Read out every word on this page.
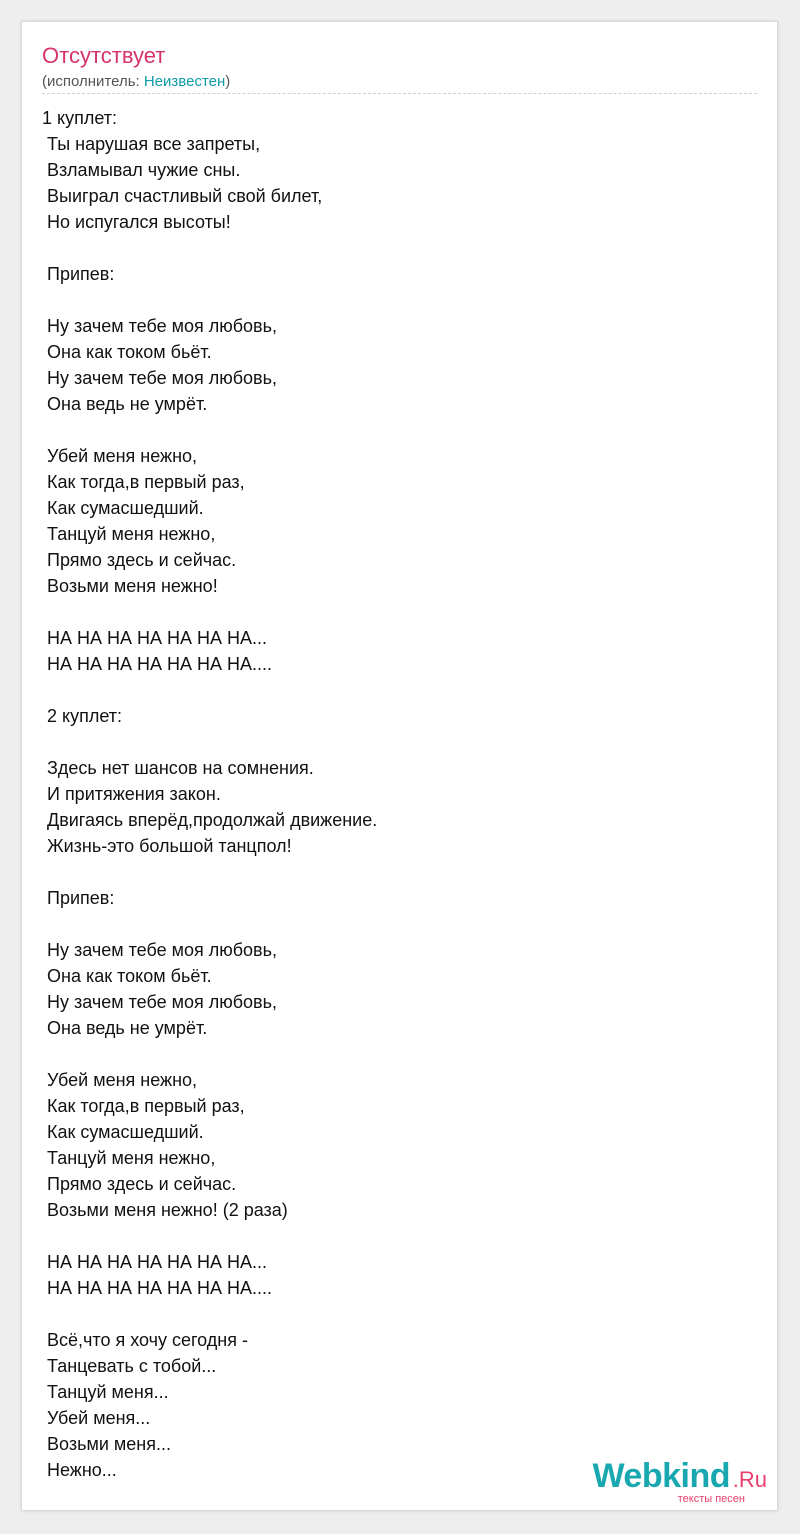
Отсутствует
(исполнитель: Неизвестен)
1 куплет:
Ты нарушая все запреты,
Взламывал чужие сны.
Выиграл счастливый свой билет,
Но испугался высоты!
Припев:
Ну зачем тебе моя любовь,
Она как током бьёт.
Ну зачем тебе моя любовь,
Она ведь не умрёт.
Убей меня нежно,
Как тогда,в первый раз,
Как сумасшедший.
Танцуй меня нежно,
Прямо здесь и сейчас.
Возьми меня нежно!
НА НА НА НА НА НА НА...
НА НА НА НА НА НА НА....
2 куплет:
Здесь нет шансов на сомнения.
И притяжения закон.
Двигаясь вперёд,продолжай движение.
Жизнь-это большой танцпол!
Припев:
Ну зачем тебе моя любовь,
Она как током бьёт.
Ну зачем тебе моя любовь,
Она ведь не умрёт.
Убей меня нежно,
Как тогда,в первый раз,
Как сумасшедший.
Танцуй меня нежно,
Прямо здесь и сейчас.
Возьми меня нежно! (2 раза)
НА НА НА НА НА НА НА...
НА НА НА НА НА НА НА....
Всё,что я хочу сегодня -
Танцевать с тобой...
Танцуй меня...
Убей меня...
Возьми меня...
Нежно...	Webkind .Ru
тексты песен
